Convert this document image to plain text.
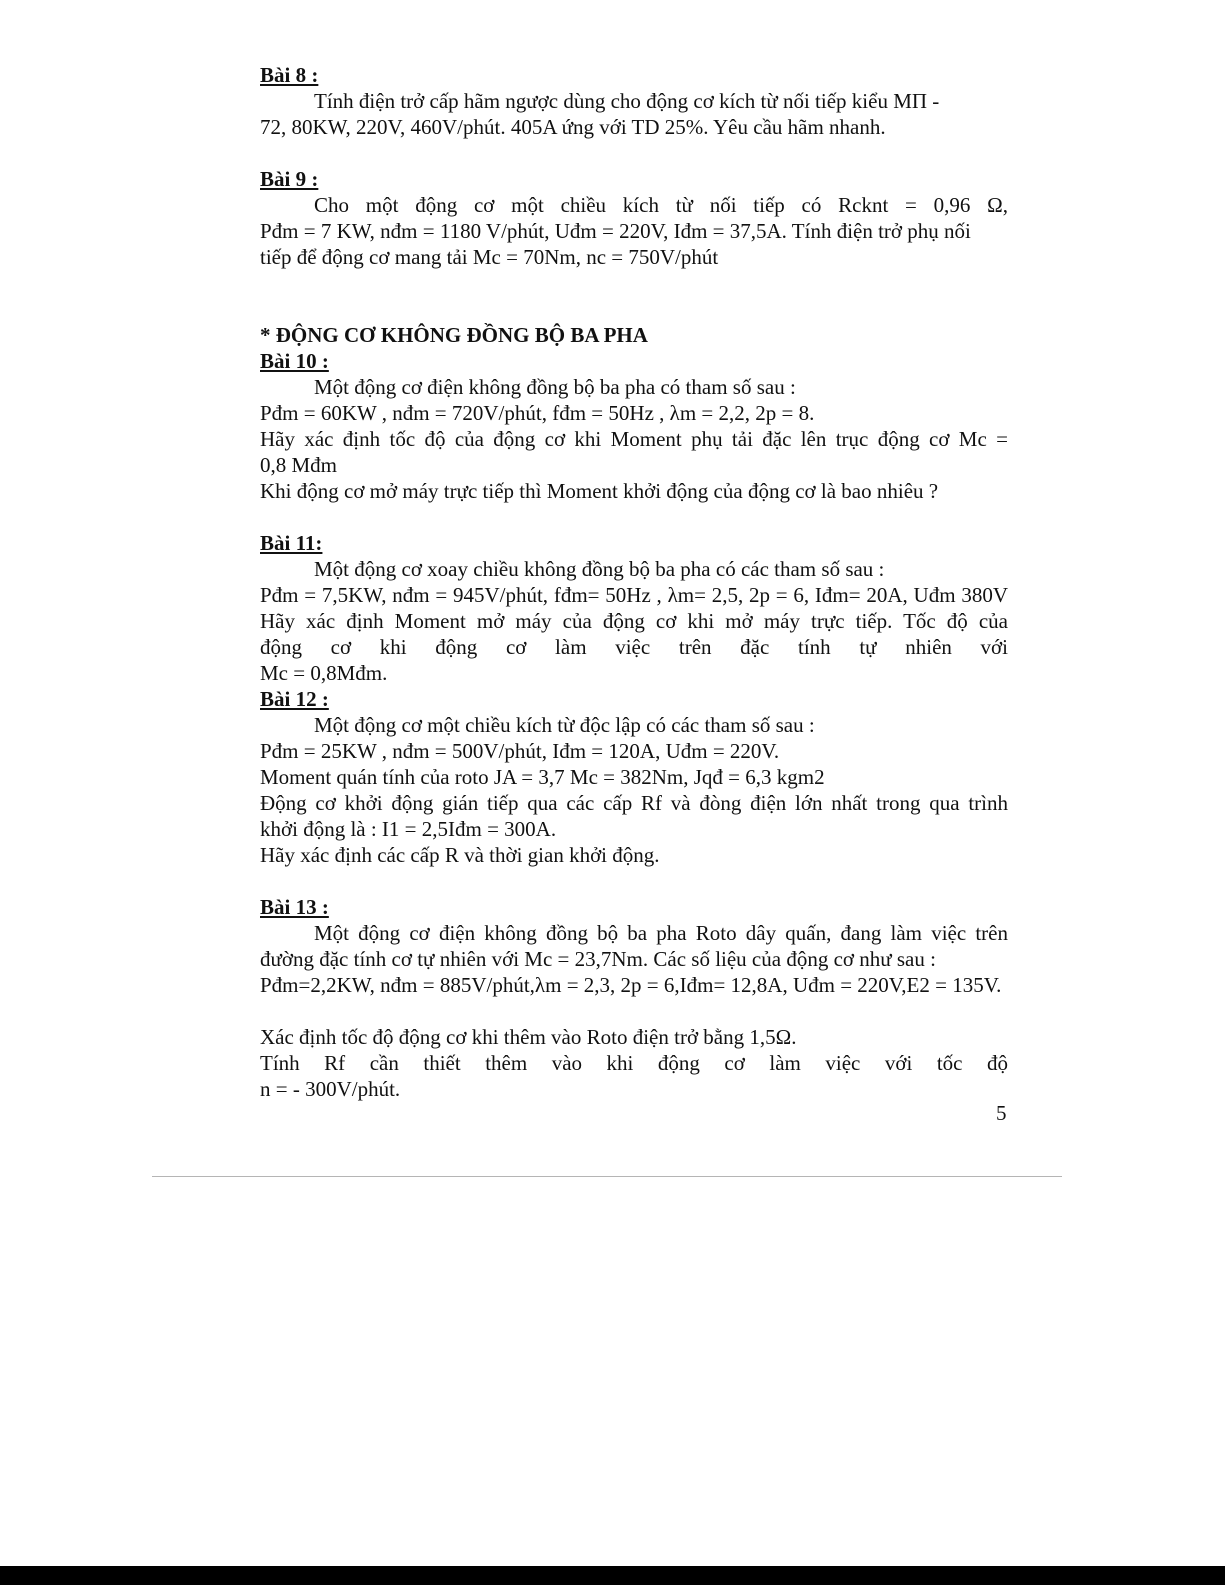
Bài 8 :

Tính điện trở cấp hãm ngược dùng cho động cơ kích từ nối tiếp kiểu MΠ -

72, 80KW, 220V, 460V/phút. 405A ứng với TD 25%. Yêu cầu hãm nhanh.

Bài 9 :

Cho một động cơ một chiều kích từ nối tiếp có Rcknt = 0,96 Ω,

Pđm = 7 KW, nđm = 1180 V/phút, Uđm = 220V, Iđm = 37,5A. Tính điện trở phụ nối

tiếp để động cơ mang tải Mc = 70Nm, nc = 750V/phút

* ĐỘNG CƠ KHÔNG ĐỒNG BỘ BA PHA

Bài 10 :

Một động cơ điện không đồng bộ ba pha có tham số sau :

Pđm = 60KW , nđm = 720V/phút, fđm = 50Hz , λm = 2,2, 2p = 8.

Hãy xác định tốc độ của động cơ khi Moment phụ tải đặc lên trục động cơ Mc =

0,8 Mđm

Khi động cơ mở máy trực tiếp thì Moment khởi động của động cơ là bao nhiêu ?

Bài 11:

Một động cơ xoay chiều không đồng bộ ba pha có các tham số sau :

Pđm = 7,5KW, nđm = 945V/phút, fđm= 50Hz , λm= 2,5, 2p = 6, Iđm= 20A, Uđm 380V

Hãy xác định Moment mở máy của động cơ khi mở máy trực tiếp. Tốc độ của

động cơ khi động cơ làm việc trên đặc tính tự nhiên với

Mc = 0,8Mđm.

Bài 12 :

Một động cơ một chiều kích từ độc lập có các tham số sau :

Pđm = 25KW , nđm = 500V/phút, Iđm = 120A, Uđm = 220V.

Moment quán tính của roto JA = 3,7 Mc = 382Nm, Jqđ = 6,3 kgm2

Động cơ khởi động gián tiếp qua các cấp Rf và đòng điện lớn nhất trong qua trình

khởi động là : I1 = 2,5Iđm = 300A.

Hãy xác định các cấp R và thời gian khởi động.

Bài 13 :

Một động cơ điện không đồng bộ ba pha Roto dây quấn, đang làm việc trên

đường đặc tính cơ tự nhiên với Mc = 23,7Nm. Các số liệu của động cơ như sau :

Pđm=2,2KW, nđm = 885V/phút,λm = 2,3, 2p = 6,Iđm= 12,8A, Uđm = 220V,E2 = 135V.

Xác định tốc độ động cơ khi thêm vào Roto điện trở bằng 1,5Ω.

Tính Rf cần thiết thêm vào khi động cơ làm việc với tốc độ

n = - 300V/phút.

5
